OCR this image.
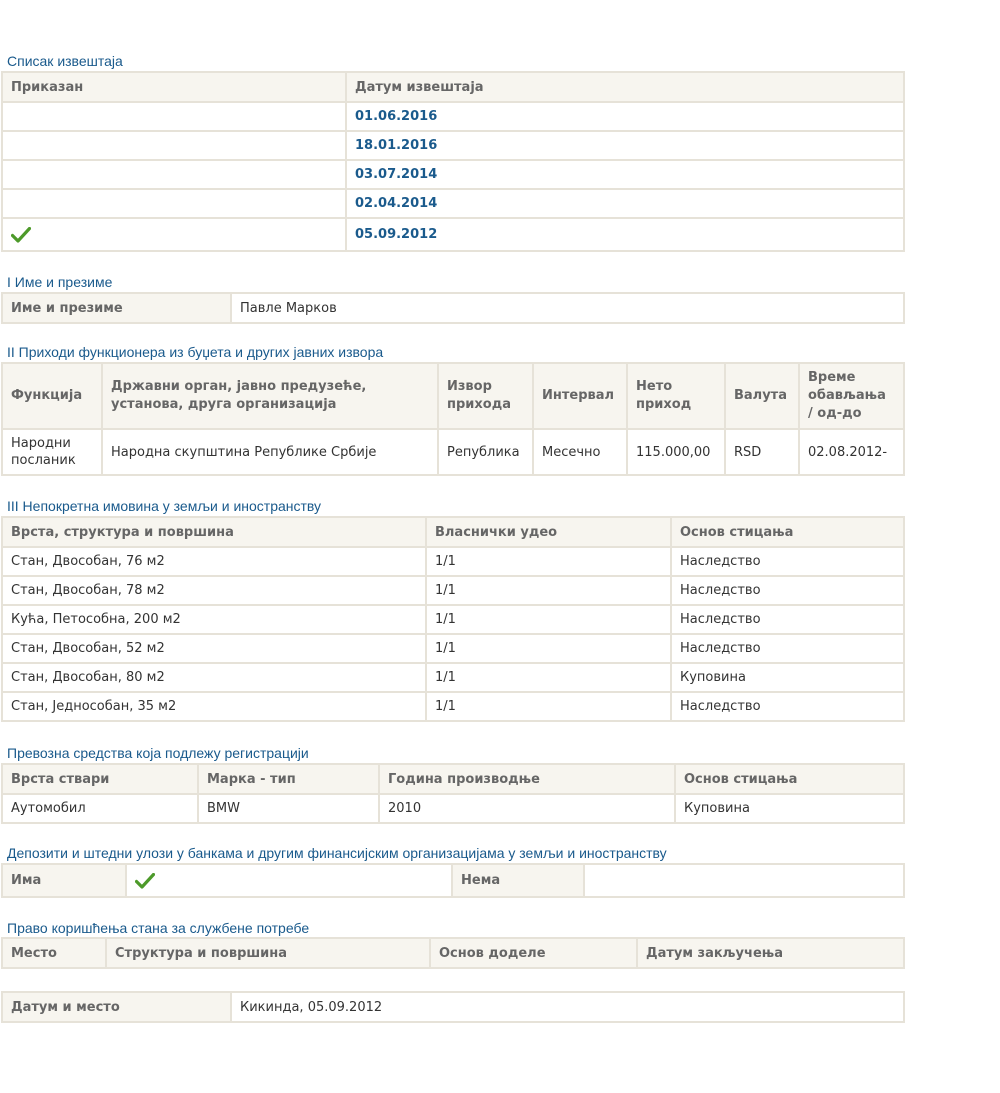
Списак извештаја
Приказан	Датум извештаја
	01.06.2016
	18.01.2016
	03.07.2014
	02.04.2014
	05.09.2012
I Име и презиме
Име и презиме	Павле Марков
II Приходи функционера из буџета и других јавних извора
Функција	Државни орган, јавно предузеће, установа, друга организација	Извор прихода	Интервал	Нето приход	Валута	Време обављања / од-до
Народни посланик	Народна скупштина Републике Србије	Република	Месечно	115.000,00	RSD	02.08.2012-
III Непокретна имовина у земљи и иностранству
Врста, структура и површина	Власнички удео	Основ стицања
Стан, Двособан, 76 м2	1/1	Наследство
Стан, Двособан, 78 м2	1/1	Наследство
Кућа, Петособна, 200 м2	1/1	Наследство
Стан, Двособан, 52 м2	1/1	Наследство
Стан, Двособан, 80 м2	1/1	Куповина
Стан, Једнособан, 35 м2	1/1	Наследство
Превозна средства која подлежу регистрацији
Врста ствари	Марка - тип	Година производње	Основ стицања
Аутомобил	BMW	2010	Куповина
Депозити и штедни улози у банкама и другим финансијским организацијама у земљи и иностранству
Има		Нема	
Право коришћења стана за службене потребе
Место	Структура и површина	Основ доделе	Датум закључења
Датум и место	Кикинда, 05.09.2012
